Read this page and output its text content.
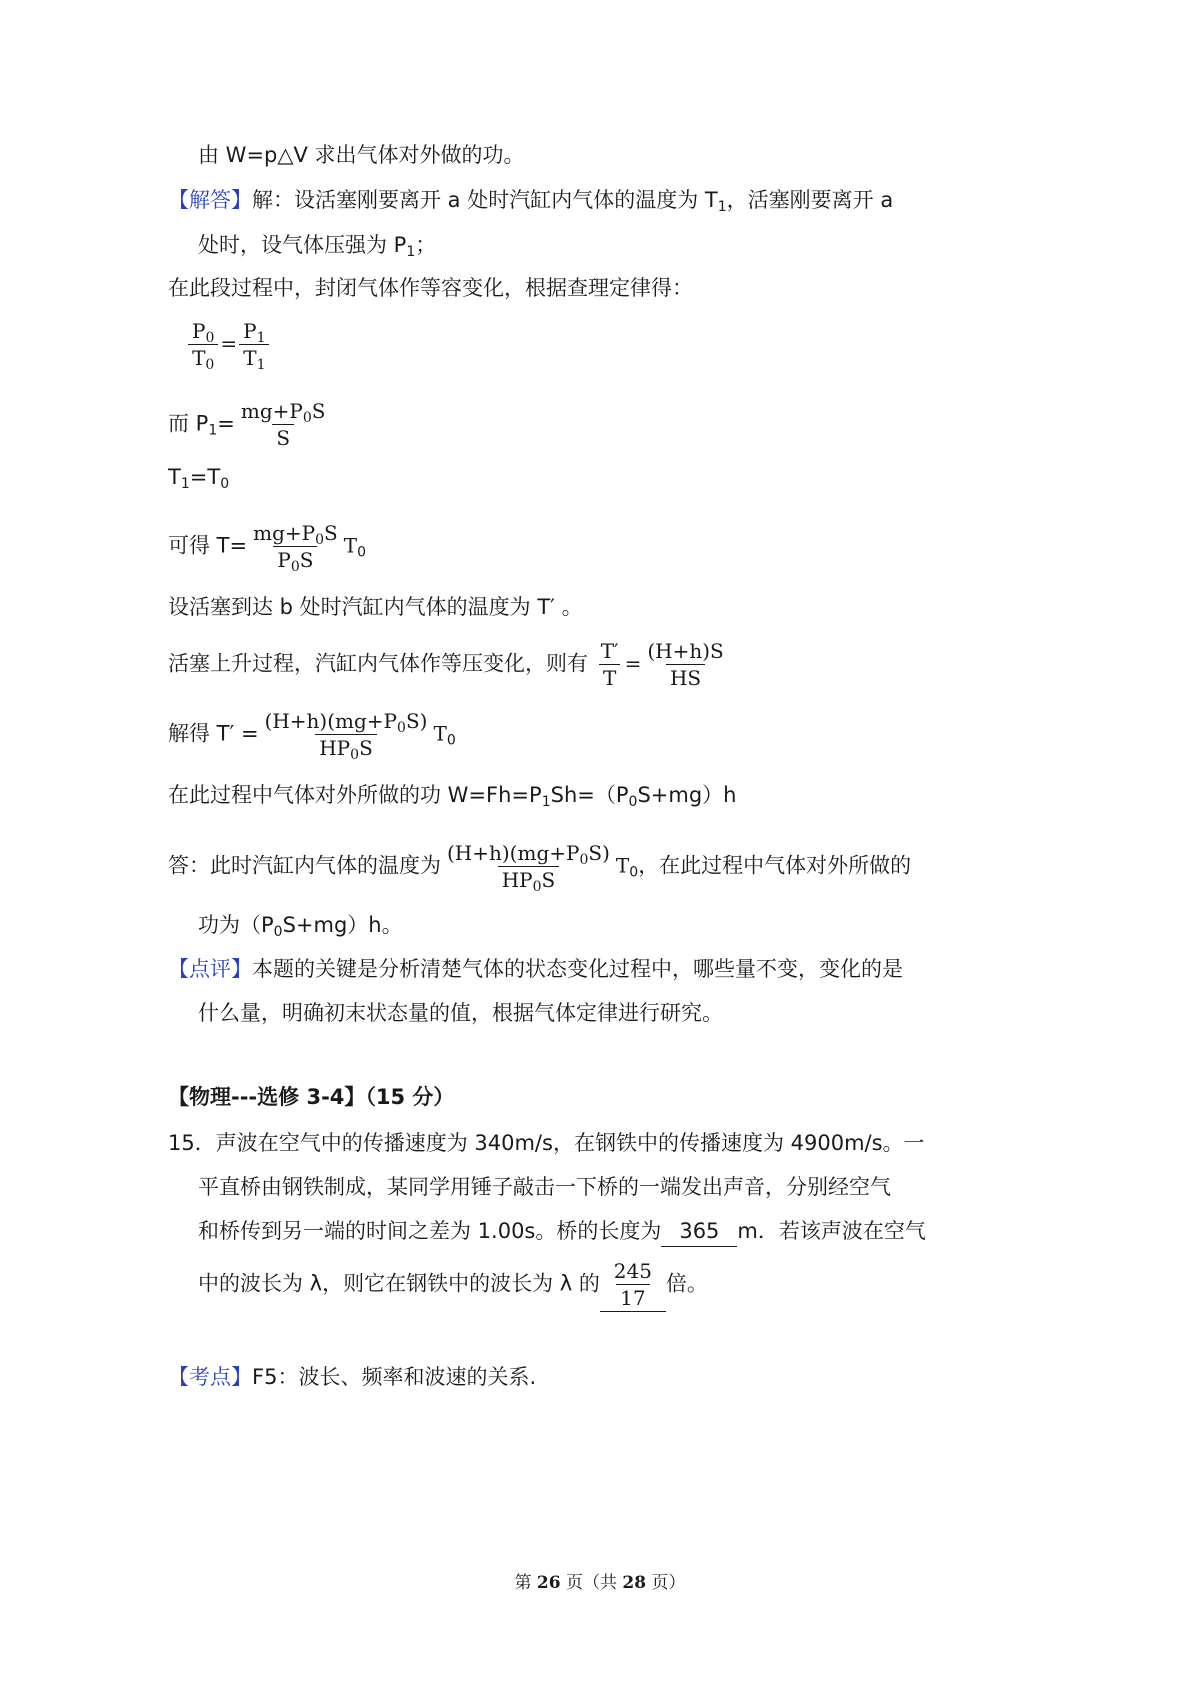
由 W=p△V 求出气体对外做的功。
【解答】解：设活塞刚要离开 a 处时汽缸内气体的温度为 $T_1$，活塞刚要离开 a
处时，设气体压强为 $P_1$；
在此段过程中，封闭气体作等容变化，根据查理定律得：
$\frac{P_0}{T_0} = \frac{P_1}{T_1}$
而 $P_1= \frac{mg+P_0S}{S}$
$T_1=T_0$
可得 $T= \frac{mg+P_0S}{P_0S} T_0$
设活塞到达 b 处时汽缸内气体的温度为 T′ 。
活塞上升过程，汽缸内气体作等压变化，则有 $\frac{T'}{T} = \frac{(H+h)S}{HS}$
解得 $T' = \frac{(H+h)(mg+P_0S)}{HP_0S} T_0$
在此过程中气体对外所做的功 $W=Fh=P_1Sh=(P_0S+mg)h$
答：此时汽缸内气体的温度为 $\frac{(H+h)(mg+P_0S)}{HP_0S} T_0$，在此过程中气体对外所做的
功为$(P_0S+mg)h$。
【点评】本题的关键是分析清楚气体的状态变化过程中，哪些量不变，变化的是
什么量，明确初末状态量的值，根据气体定律进行研究。
【物理---选修 3-4】（15 分）
15．声波在空气中的传播速度为 340m/s，在钢铁中的传播速度为 4900m/s。一
平直桥由钢铁制成，某同学用锤子敲击一下桥的一端发出声音，分别经空气
和桥传到另一端的时间之差为 1.00s。桥的长度为 365 m．若该声波在空气
中的波长为 λ，则它在钢铁中的波长为 λ 的 $\frac{245}{17}$ 倍。
【考点】F5：波长、频率和波速的关系.
第 26 页（共 28 页）
